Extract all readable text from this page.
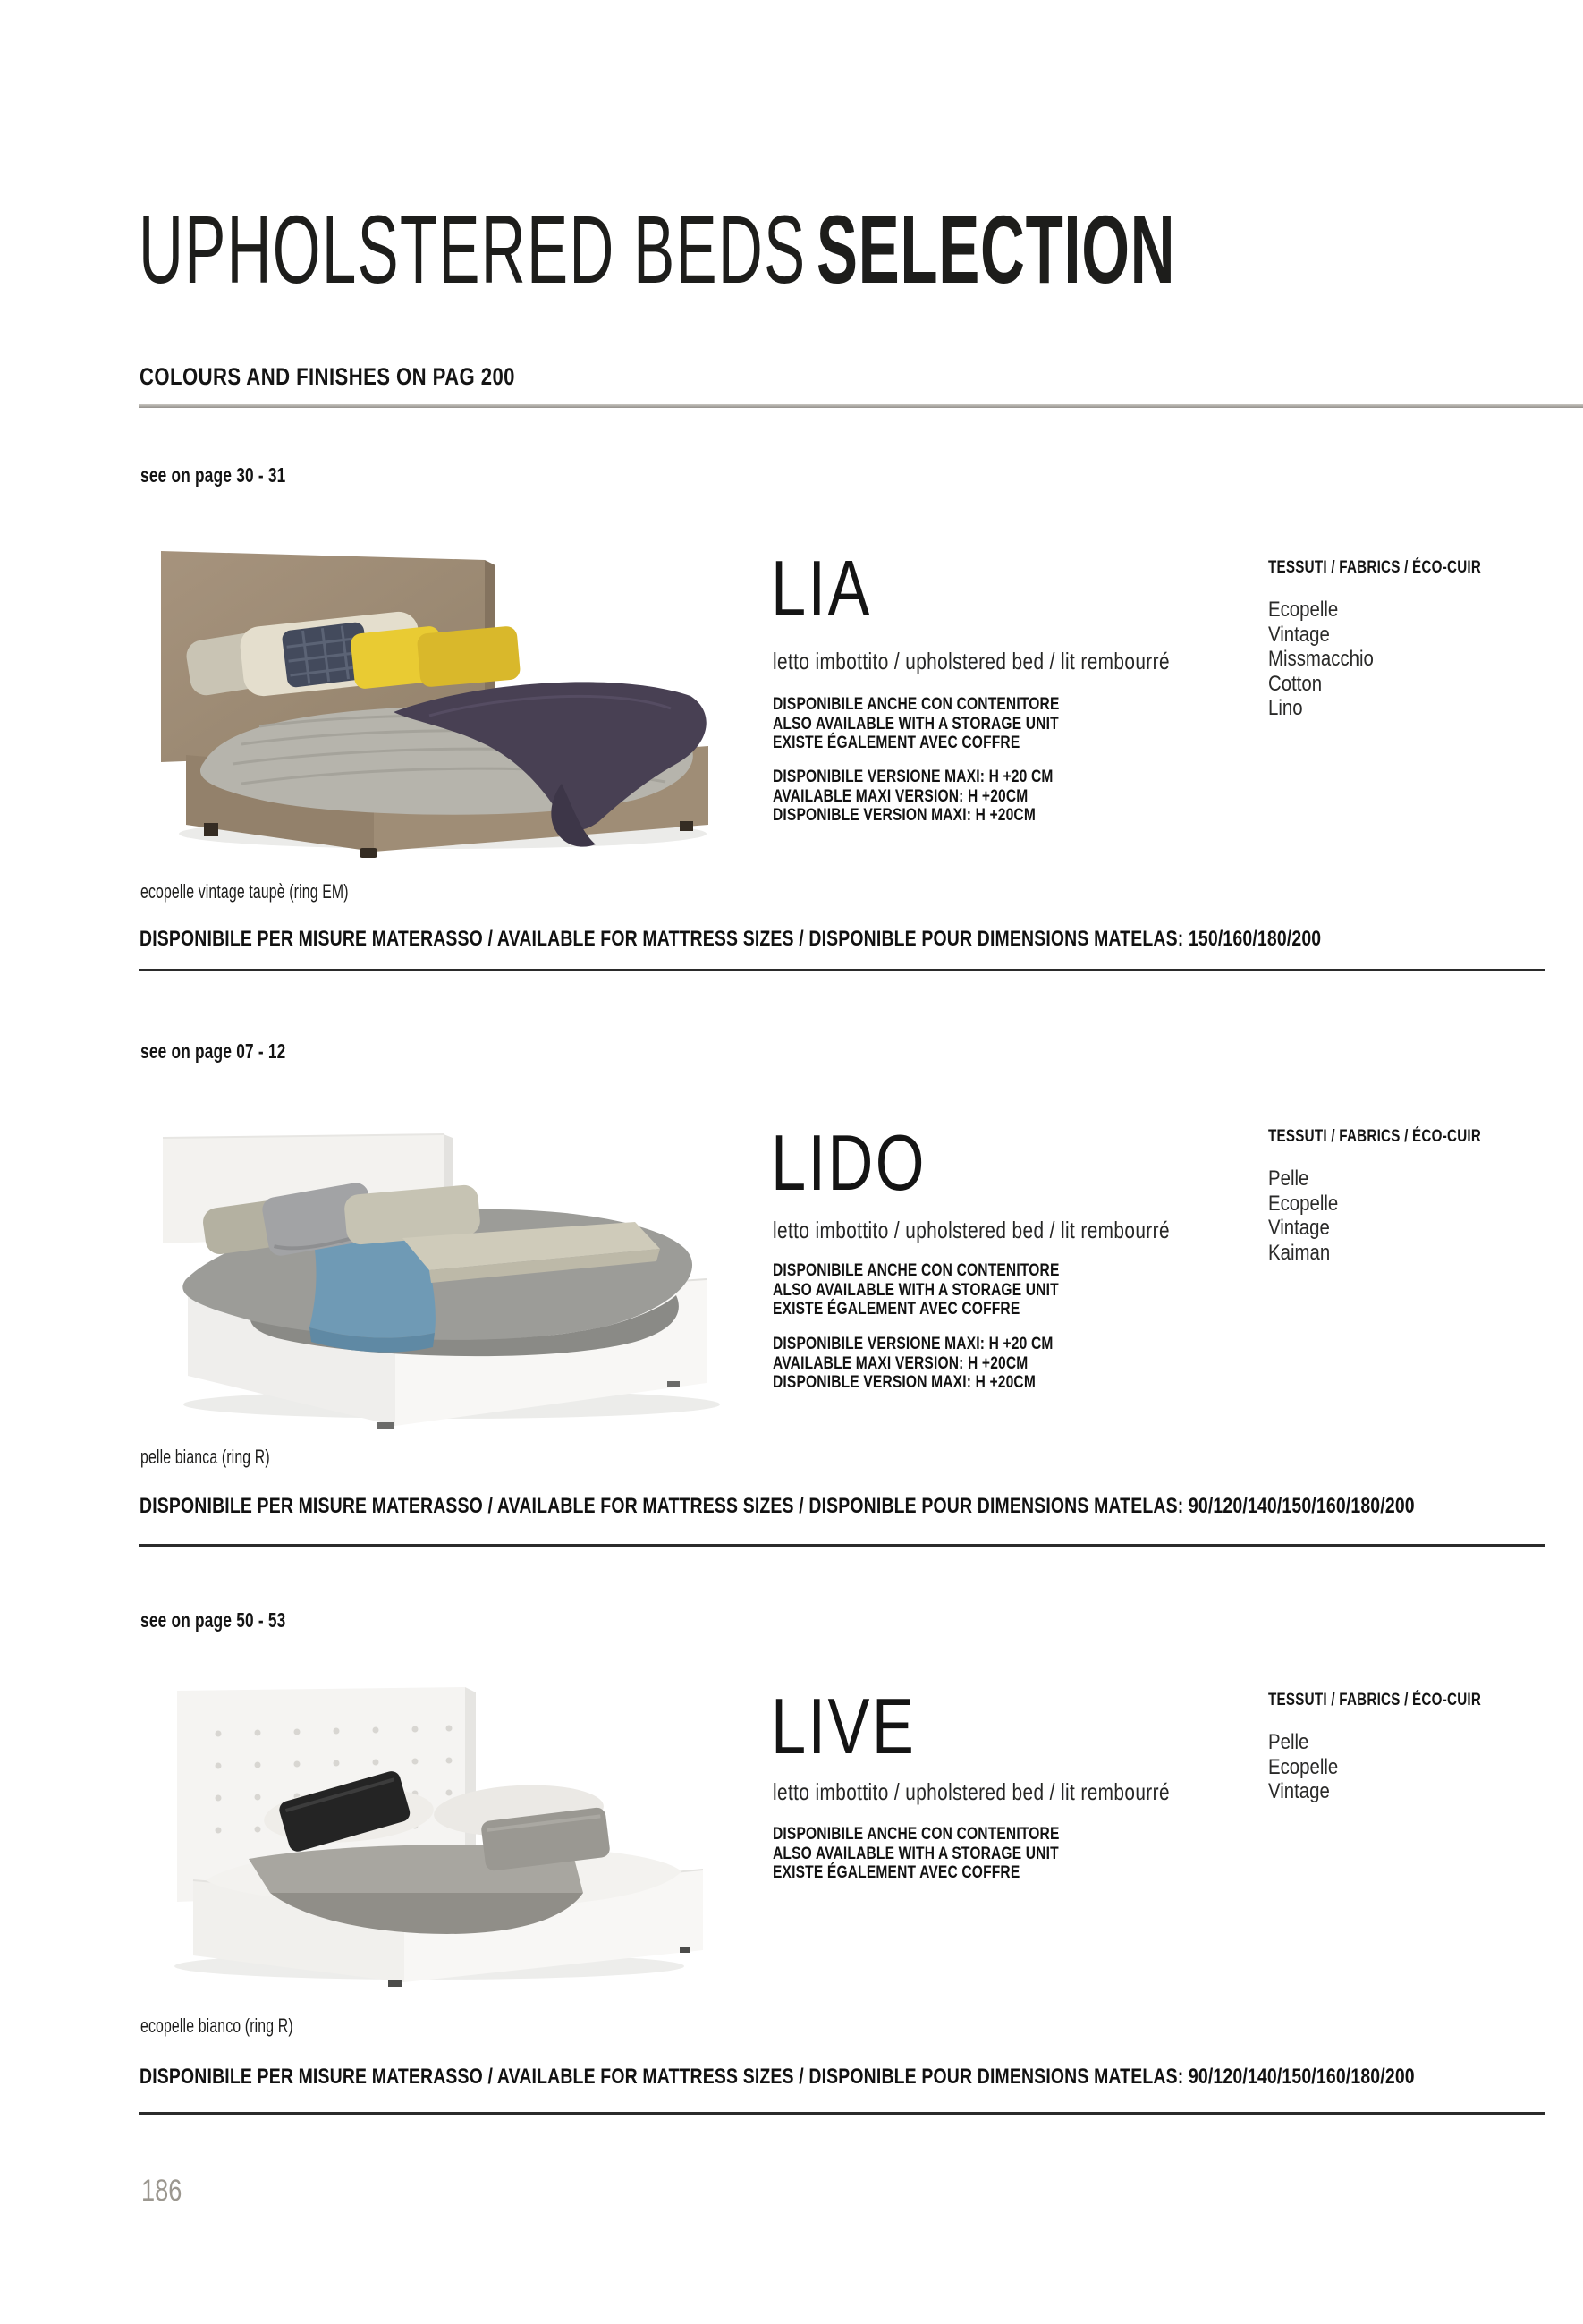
UPHOLSTERED BEDS SELECTION
COLOURS AND FINISHES ON PAG 200
see on page 30 - 31
LIA
letto imbottito / upholstered bed / lit rembourré
DISPONIBILE ANCHE CON CONTENITORE
ALSO AVAILABLE WITH A STORAGE UNIT
EXISTE ÉGALEMENT AVEC COFFRE
DISPONIBILE VERSIONE MAXI: H +20 CM
AVAILABLE MAXI VERSION: H +20CM
DISPONIBLE VERSION MAXI: H +20CM
TESSUTI / FABRICS / ÉCO-CUIR
Ecopelle
Vintage
Missmacchio
Cotton
Lino
ecopelle vintage taupè (ring EM)
DISPONIBILE PER MISURE MATERASSO / AVAILABLE FOR MATTRESS SIZES / DISPONIBLE POUR DIMENSIONS MATELAS: 150/160/180/200
see on page 07 - 12
LIDO
letto imbottito / upholstered bed / lit rembourré
DISPONIBILE ANCHE CON CONTENITORE
ALSO AVAILABLE WITH A STORAGE UNIT
EXISTE ÉGALEMENT AVEC COFFRE
DISPONIBILE VERSIONE MAXI: H +20 CM
AVAILABLE MAXI VERSION: H +20CM
DISPONIBLE VERSION MAXI: H +20CM
TESSUTI / FABRICS / ÉCO-CUIR
Pelle
Ecopelle
Vintage
Kaiman
pelle bianca (ring R)
DISPONIBILE PER MISURE MATERASSO / AVAILABLE FOR MATTRESS SIZES / DISPONIBLE POUR DIMENSIONS MATELAS: 90/120/140/150/160/180/200
see on page 50 - 53
LIVE
letto imbottito / upholstered bed / lit rembourré
DISPONIBILE ANCHE CON CONTENITORE
ALSO AVAILABLE WITH A STORAGE UNIT
EXISTE ÉGALEMENT AVEC COFFRE
TESSUTI / FABRICS / ÉCO-CUIR
Pelle
Ecopelle
Vintage
ecopelle bianco (ring R)
DISPONIBILE PER MISURE MATERASSO / AVAILABLE FOR MATTRESS SIZES / DISPONIBLE POUR DIMENSIONS MATELAS: 90/120/140/150/160/180/200
186
